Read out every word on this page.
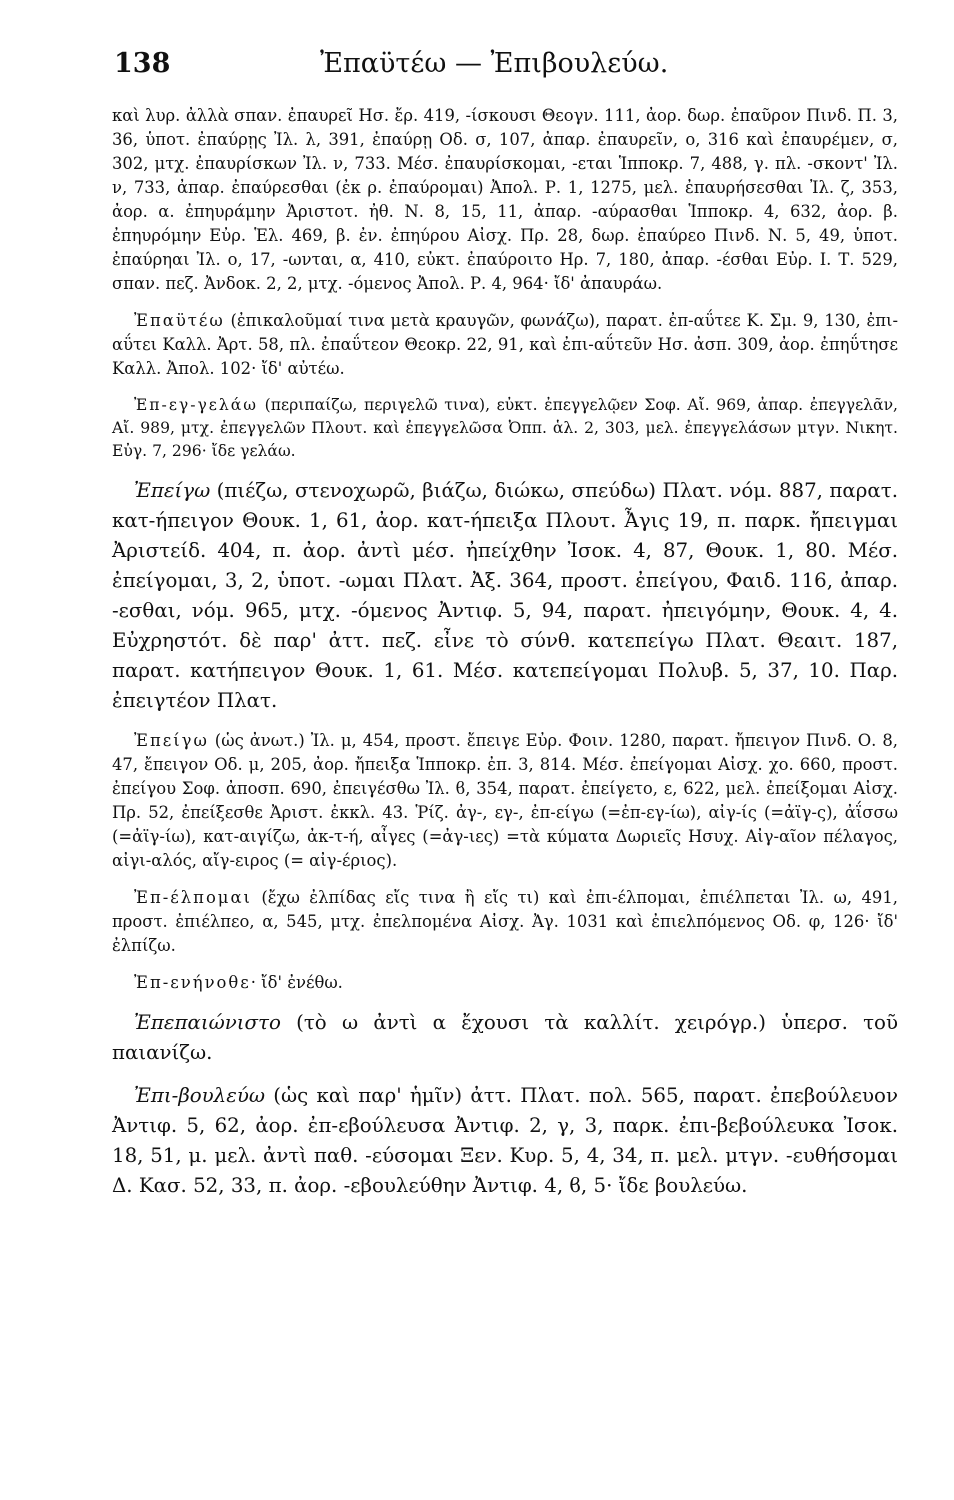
138	Ἐπαϋτέω — Ἐπιβουλεύω.

καὶ λυρ. ἀλλὰ σπαν. ἐπαυρεῖ Ησ. ἔρ. 419, -ίσκουσι Θεογν. 111, ἀορ. δωρ. ἐπαῦρον Πινδ. Π. 3, 36, ὑποτ. ἐπαύρῃς Ἰλ. λ, 391, ἐπαύρῃ Οδ. σ, 107, ἀπαρ. ἐπαυρεῖν, ο, 316 καὶ ἐπαυρέμεν, σ, 302, μτχ. ἐπαυρίσκων Ἰλ. ν, 733. Μέσ. ἐπαυρίσκομαι, -εται Ἱπποκρ. 7, 488, γ. πλ. -σκοντ' Ἰλ. ν, 733, ἀπαρ. ἐπαύρεσθαι (ἐκ ρ. ἐπαύρομαι) Ἀπολ. Ρ. 1, 1275, μελ. ἐπαυρήσεσθαι Ἰλ. ζ, 353, ἀορ. α. ἐπηυράμην Ἀριστοτ. ἠθ. Ν. 8, 15, 11, ἀπαρ. -αύρασθαι Ἱπποκρ. 4, 632, ἀορ. β. ἐπηυρόμην Εὐρ. Ἑλ. 469, β. ἐν. ἐπηύρου Αἰσχ. Πρ. 28, δωρ. ἐπαύρεο Πινδ. Ν. 5, 49, ὑποτ. ἐπαύρηαι Ἰλ. ο, 17, -ωνται, α, 410, εὐκτ. ἐπαύροιτο Ηρ. 7, 180, ἀπαρ. -έσθαι Εὐρ. Ι. Τ. 529, σπαν. πεζ. Ἀνδοκ. 2, 2, μτχ. -όμενος Ἀπολ. Ρ. 4, 964· ἴδ' ἀπαυράω.

Ἐπαϋτέω (ἐπικαλοῦμαί τινα μετὰ κραυγῶν, φωνάζω), παρατ. ἐπ-αΰτεε Κ. Σμ. 9, 130, ἐπι-αΰτει Καλλ. Ἀρτ. 58, πλ. ἐπαΰτεον Θεοκρ. 22, 91, καὶ ἐπι-αΰτεῦν Ησ. ἀσπ. 309, ἀορ. ἐπηΰτησε Καλλ. Ἀπολ. 102· ἴδ' αὐτέω.

Ἐπ-εγ-γελάω (περιπαίζω, περιγελῶ τινα), εὐκτ. ἐπεγγελῷεν Σοφ. Αἴ. 969, ἀπαρ. ἐπεγγελᾶν, Αἴ. 989, μτχ. ἐπεγγελῶν Πλουτ. καὶ ἐπεγγελῶσα Ὀππ. ἁλ. 2, 303, μελ. ἐπεγγελάσων μτγν. Νικητ. Εὐγ. 7, 296· ἴδε γελάω.

Ἐπείγω (πιέζω, στενοχωρῶ, βιάζω, διώκω, σπεύδω) Πλατ. νόμ. 887, παρατ. κατ-ήπειγον Θουκ. 1, 61, ἀορ. κατ-ήπειξα Πλουτ. Ἆγις 19, π. παρκ. ἤπειγμαι Ἀριστείδ. 404, π. ἀορ. ἀντὶ μέσ. ἠπείχθην Ἰσοκ. 4, 87, Θουκ. 1, 80. Μέσ. ἐπείγομαι, 3, 2, ὑποτ. -ωμαι Πλατ. Ἀξ. 364, προστ. ἐπείγου, Φαιδ. 116, ἀπαρ. -εσθαι, νόμ. 965, μτχ. -όμενος Ἀντιφ. 5, 94, παρατ. ἠπειγόμην, Θουκ. 4, 4. Εὐχρηστότ. δὲ παρ' ἀττ. πεζ. εἶνε τὸ σύνθ. κατεπείγω Πλατ. Θεαιτ. 187, παρατ. κατήπειγον Θουκ. 1, 61. Μέσ. κατεπείγομαι Πολυβ. 5, 37, 10. Παρ. ἐπειγτέον Πλατ.

Ἐπείγω (ὡς ἀνωτ.) Ἰλ. μ, 454, προστ. ἔπειγε Εὐρ. Φοιν. 1280, παρατ. ἤπειγον Πινδ. Ο. 8, 47, ἔπειγον Οδ. μ, 205, ἀορ. ἤπειξα Ἱπποκρ. ἐπ. 3, 814. Μέσ. ἐπείγομαι Αἰσχ. χο. 660, προστ. ἐπείγου Σοφ. ἀποσπ. 690, ἐπειγέσθω Ἰλ. ϐ, 354, παρατ. ἐπείγετο, ε, 622, μελ. ἐπείξομαι Αἰσχ. Πρ. 52, ἐπείξεσθε Ἀριστ. ἐκκλ. 43. Ῥίζ. ἀγ-, εγ-, ἐπ-είγω (=ἐπ-εγ-ίω), αἰγ-ίς (=ἀϊγ-ς), ἀΐσσω (=ἀϊγ-ίω), κατ-αιγίζω, ἀκ-τ-ή, αἶγες (=ἀγ-ιες) =τὰ κύματα Δωριεῖς Ησυχ. Αἰγ-αῖον πέλαγος, αἰγι-αλός, αἴγ-ειρος (= αἰγ-έριος).

Ἐπ-έλπομαι (ἔχω ἐλπίδας εἴς τινα ἢ εἴς τι) καὶ ἐπι-έλπομαι, ἐπιέλπεται Ἰλ. ω, 491, προστ. ἐπιέλπεο, α, 545, μτχ. ἐπελπομένα Αἰσχ. Ἀγ. 1031 καὶ ἐπιελπόμενος Οδ. φ, 126· ἴδ' ἐλπίζω.

Ἐπ-ενήνοθε· ἴδ' ἐνέθω.

Ἐπεπαιώνιστο (τὸ ω ἀντὶ α ἔχουσι τὰ καλλίτ. χειρόγρ.) ὑπερσ. τοῦ παιανίζω.

Ἐπι-βουλεύω (ὡς καὶ παρ' ἡμῖν) ἀττ. Πλατ. πολ. 565, παρατ. ἐπεβούλευον Ἀντιφ. 5, 62, ἀορ. ἐπ-εβούλευσα Ἀντιφ. 2, γ, 3, παρκ. ἐπι-βεβούλευκα Ἰσοκ. 18, 51, μ. μελ. ἀντὶ παθ. -εύσομαι Ξεν. Κυρ. 5, 4, 34, π. μελ. μτγν. -ευθήσομαι Δ. Κασ. 52, 33, π. ἀορ. -εβουλεύθην Ἀντιφ. 4, ϐ, 5· ἴδε βουλεύω.
